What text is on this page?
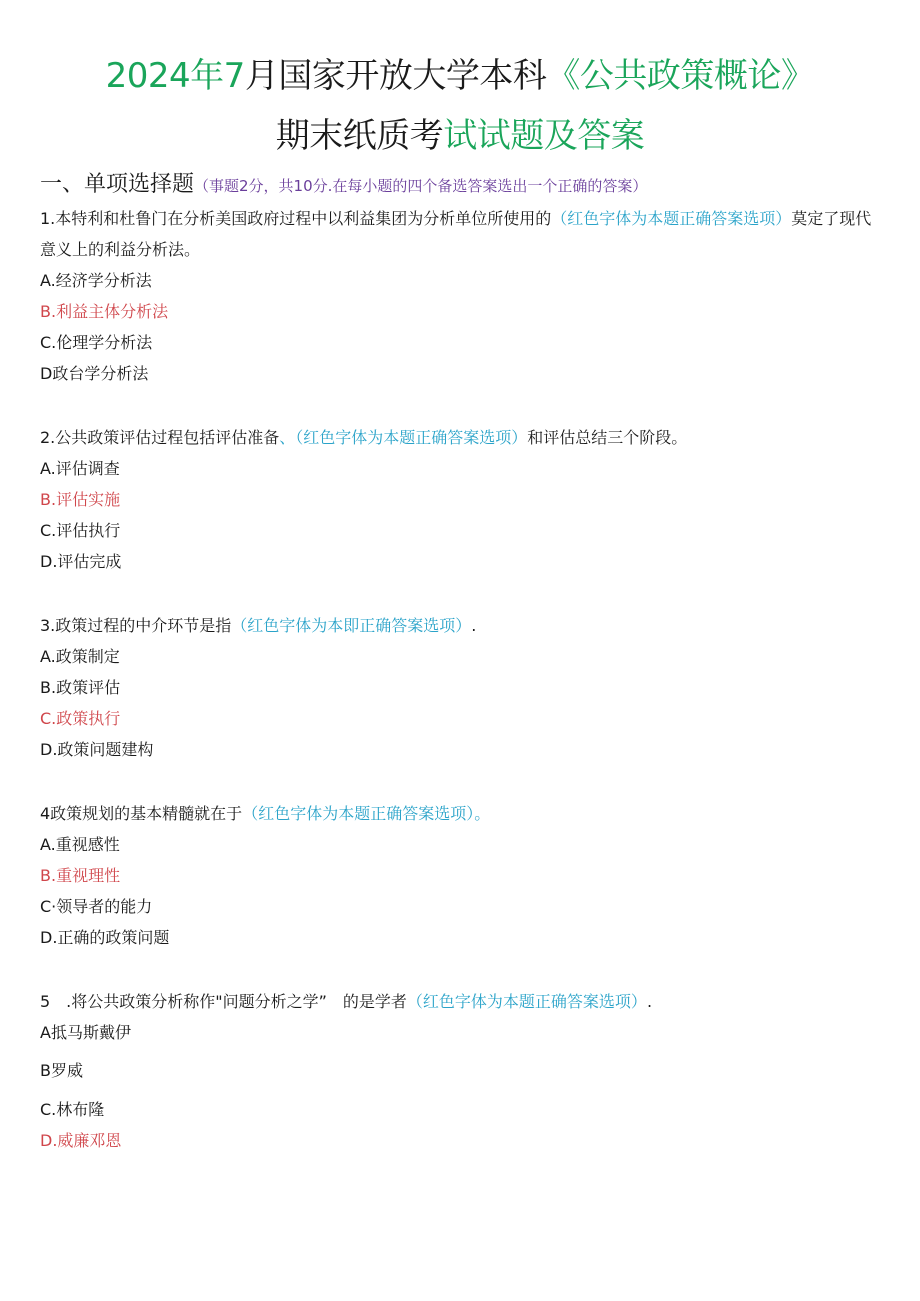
2024年7月国家开放大学本科《公共政策概论》
期末纸质考试试题及答案
一、单项选择题（事题2分，共10分.在每小题的四个备选答案选出一个正确的答案）
1.本特利和杜鲁门在分析美国政府过程中以利益集团为分析单位所使用的（红色字体为本题正确答案选项）莫定了现代意义上的利益分析法。
A.经济学分析法
B.利益主体分析法
C.伦理学分析法
D政台学分析法
2.公共政策评估过程包括评估准备、（红色字体为本题正确答案选项）和评估总结三个阶段。
A.评估调查
B.评估实施
C.评估执行
D.评估完成
3.政策过程的中介环节是指（红色字体为本即正确答案选项）.
A.政策制定
B.政策评估
C.政策执行
D.政策问题建构
4政策规划的基本精髓就在于（红色字体为本题正确答案选项）。
A.重视感性
B.重视理性
C·领导者的能力
D.正确的政策问题
5　.将公共政策分析称作"问题分析之学”　的是学者（红色字体为本题正确答案选项）.
A抵马斯戴伊
B罗威
C.林布隆
D.威廉邓恩
